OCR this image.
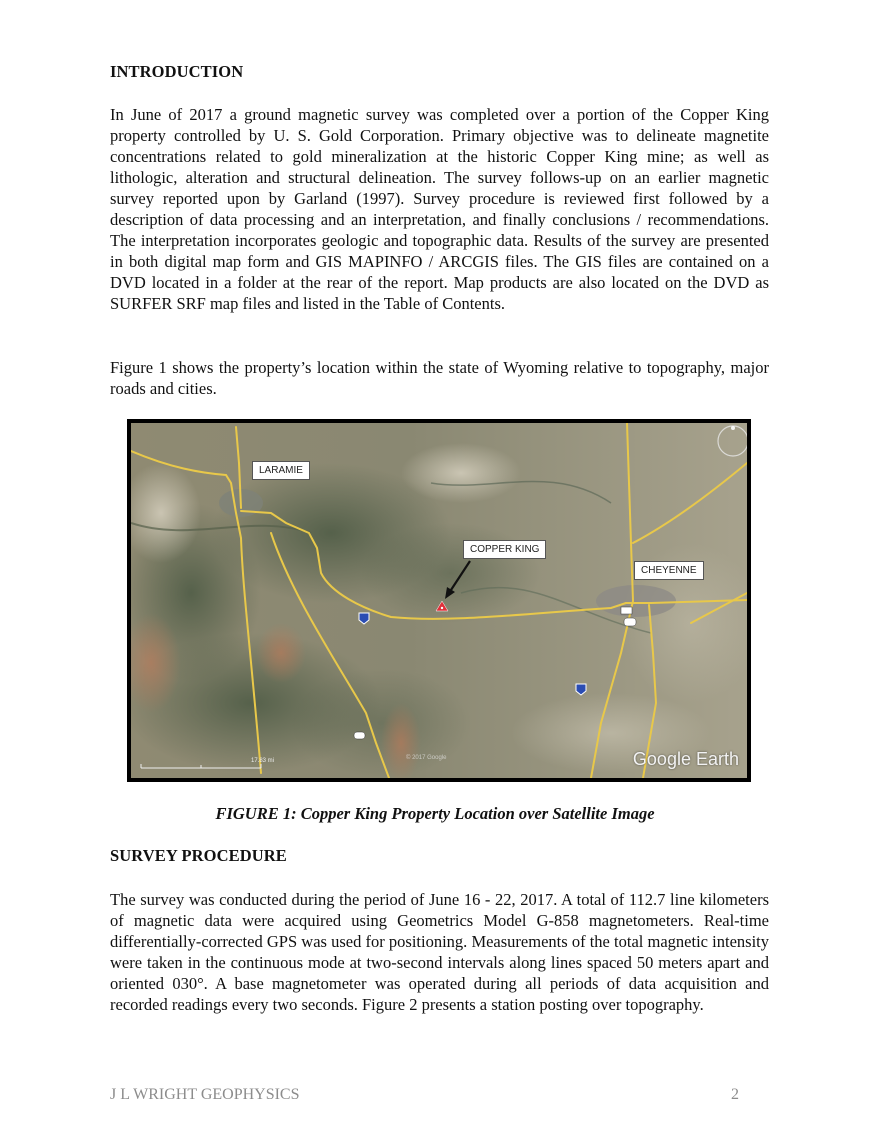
INTRODUCTION
In June of 2017 a ground magnetic survey was completed over a portion of the Copper King property controlled by U. S. Gold Corporation. Primary objective was to delineate magnetite concentrations related to gold mineralization at the historic Copper King mine; as well as lithologic, alteration and structural delineation. The survey follows-up on an earlier magnetic survey reported upon by Garland (1997). Survey procedure is reviewed first followed by a description of data processing and an interpretation, and finally conclusions / recommendations. The interpretation incorporates geologic and topographic data. Results of the survey are presented in both digital map form and GIS MAPINFO / ARCGIS files. The GIS files are contained on a DVD located in a folder at the rear of the report. Map products are also located on the DVD as SURFER SRF map files and listed in the Table of Contents.
Figure 1 shows the property’s location within the state of Wyoming relative to topography, major roads and cities.
LARAMIE
COPPER KING
CHEYENNE
17.83 mi	© 2017 Google	Google Earth
FIGURE 1: Copper King Property Location over Satellite Image
SURVEY PROCEDURE
The survey was conducted during the period of June 16 - 22, 2017. A total of 112.7 line kilometers of magnetic data were acquired using Geometrics Model G-858 magnetometers. Real-time differentially-corrected GPS was used for positioning. Measurements of the total magnetic intensity were taken in the continuous mode at two-second intervals along lines spaced 50 meters apart and oriented 030°. A base magnetometer was operated during all periods of data acquisition and recorded readings every two seconds. Figure 2 presents a station posting over topography.
J L WRIGHT GEOPHYSICS	2
